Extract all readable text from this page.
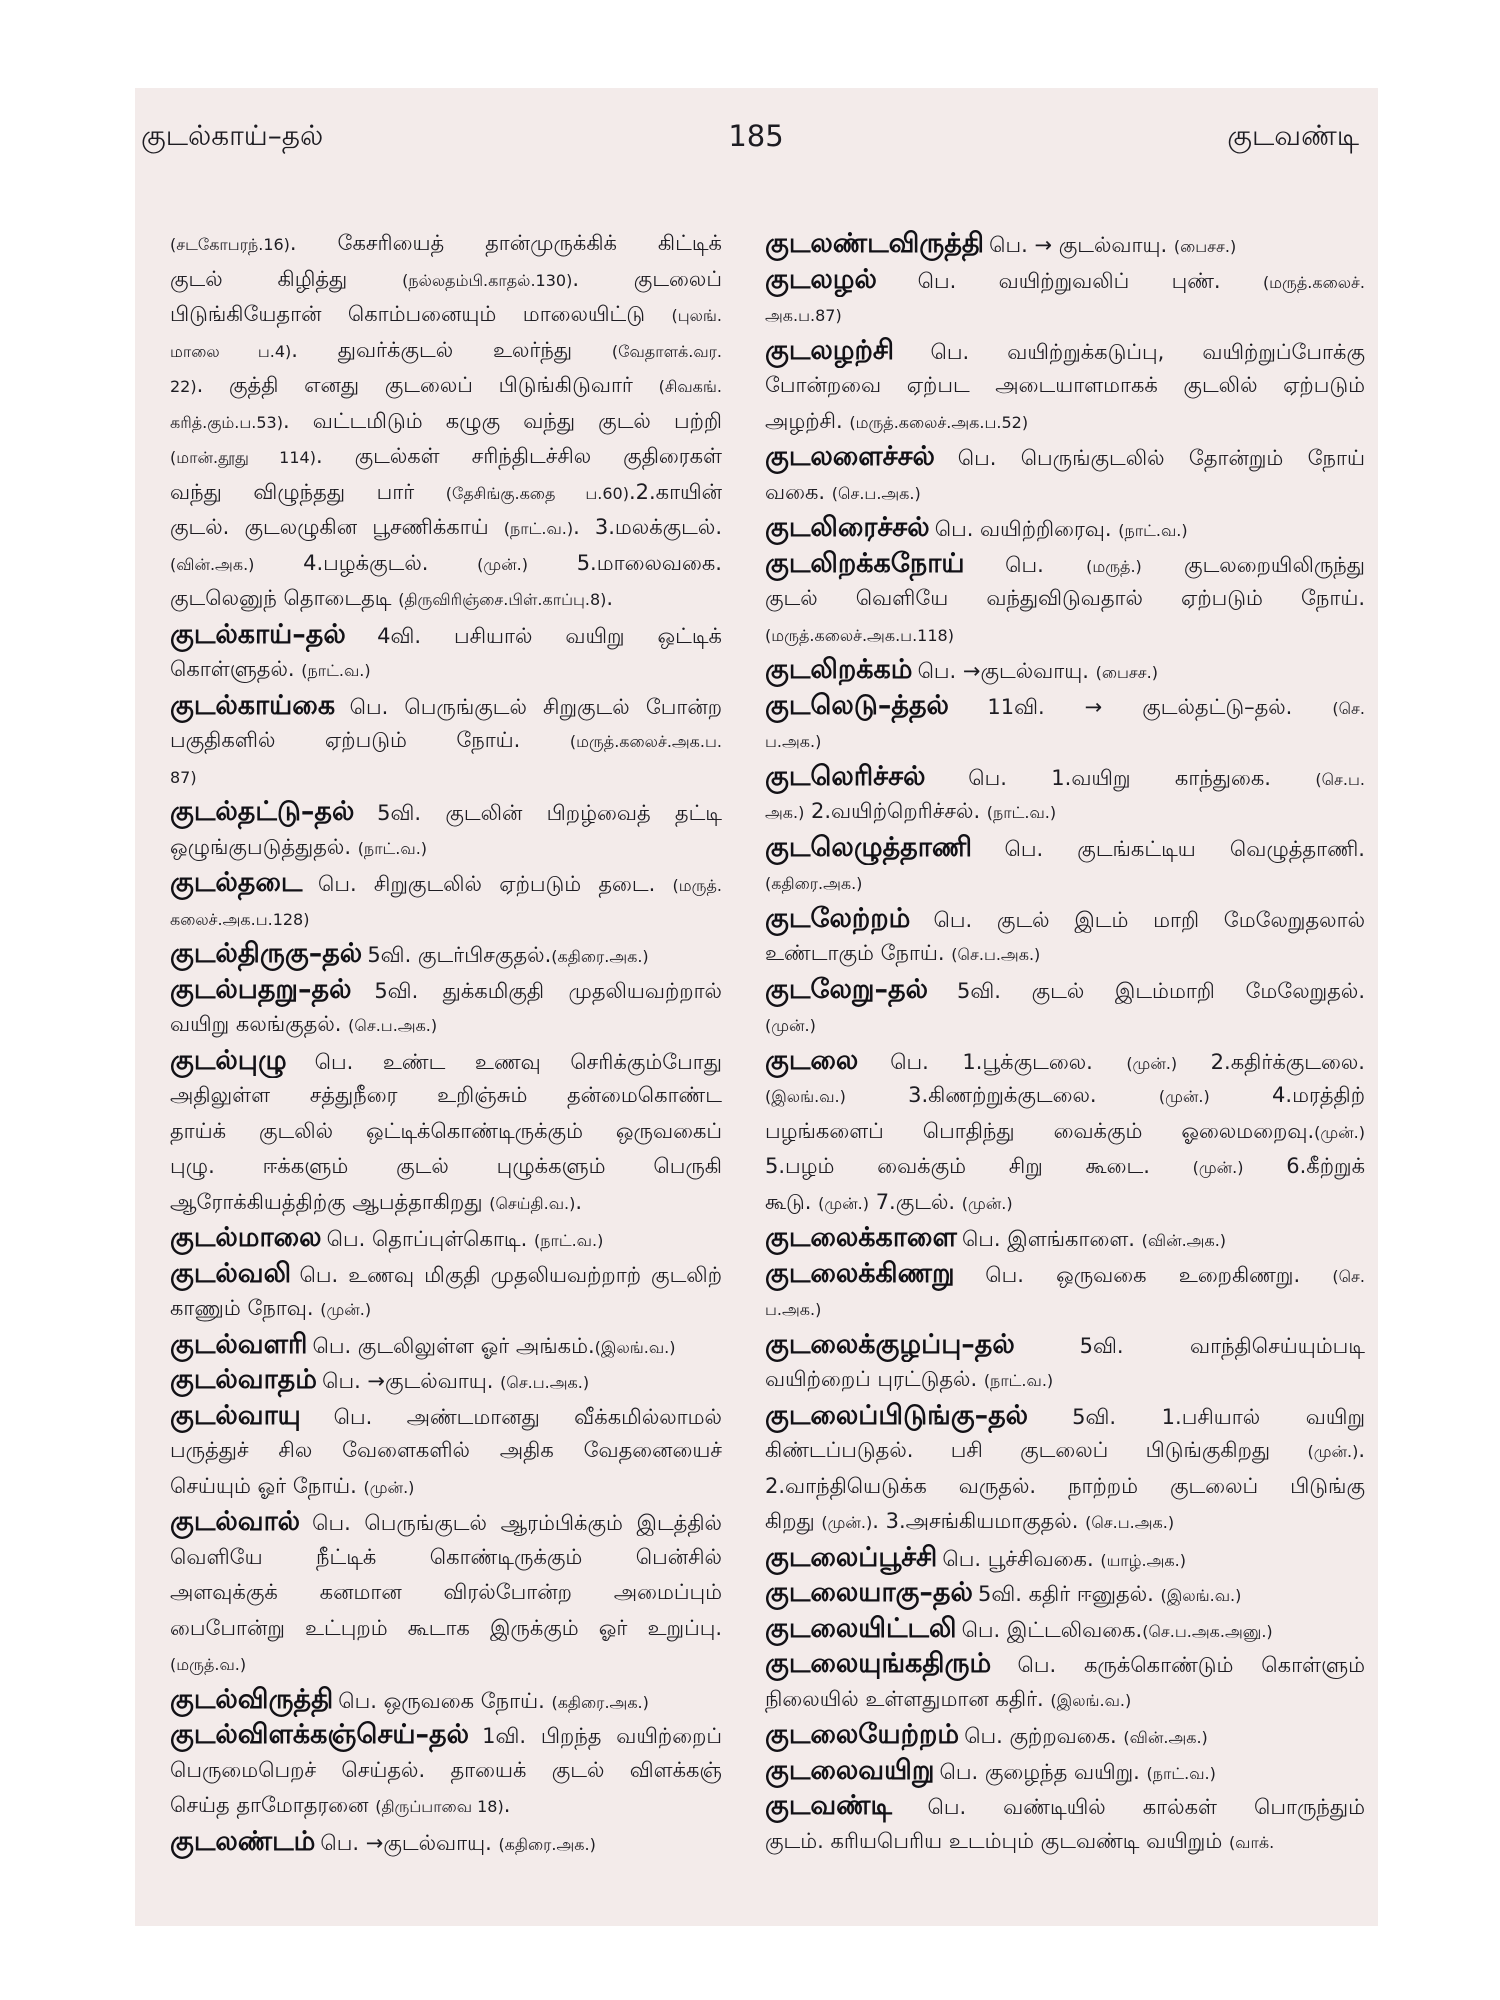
குடல்காய்–தல்	185	குடவண்டி
(சடகோபரந்.16). கேசரியைத் தான்முருக்கிக் கிட்டிக்
குடல் கிழித்து (நல்லதம்பி.காதல்.130). குடலைப்
பிடுங்கியேதான் கொம்பனையும் மாலையிட்டு (புலங்.
மாலை ப.4). துவர்க்குடல் உலர்ந்து (வேதாளக்.வர.
22). குத்தி எனது குடலைப் பிடுங்கிடுவார் (சிவகங்.
கரித்.கும்.ப.53). வட்டமிடும் கழுகு வந்து குடல் பற்றி
(மான்.தூது 114). குடல்கள் சரிந்திடச்சில குதிரைகள்
வந்து விழுந்தது பார் (தேசிங்கு.கதை ப.60).2.காயின்
குடல். குடலழுகின பூசணிக்காய் (நாட்.வ.). 3.மலக்குடல்.
(வின்.அக.) 4.பழக்குடல். (முன்.) 5.மாலைவகை.
குடலெனுந் தொடைதடி (திருவிரிஞ்சை.பிள்.காப்பு.8).
குடல்காய்–தல் 4வி. பசியால் வயிறு ஒட்டிக்
கொள்ளுதல். (நாட்.வ.)
குடல்காய்கை பெ. பெருங்குடல் சிறுகுடல் போன்ற
பகுதிகளில் ஏற்படும் நோய். (மருத்.கலைச்.அக.ப.
87)
குடல்தட்டு–தல் 5வி. குடலின் பிறழ்வைத் தட்டி
ஒழுங்குபடுத்துதல். (நாட்.வ.)
குடல்தடை பெ. சிறுகுடலில் ஏற்படும் தடை. (மருத்.
கலைச்.அக.ப.128)
குடல்திருகு–தல் 5வி. குடர்பிசகுதல்.(கதிரை.அக.)
குடல்பதறு–தல் 5வி. துக்கமிகுதி முதலியவற்றால்
வயிறு கலங்குதல். (செ.ப.அக.)
குடல்புழு பெ. உண்ட உணவு செரிக்கும்போது
அதிலுள்ள சத்துநீரை உறிஞ்சும் தன்மைகொண்ட
தாய்க் குடலில் ஒட்டிக்கொண்டிருக்கும் ஒருவகைப்
புழு. ஈக்களும் குடல் புழுக்களும் பெருகி
ஆரோக்கியத்திற்கு ஆபத்தாகிறது (செய்தி.வ.).
குடல்மாலை பெ. தொப்புள்கொடி. (நாட்.வ.)
குடல்வலி பெ. உணவு மிகுதி முதலியவற்றாற் குடலிற்
காணும் நோவு. (முன்.)
குடல்வளரி பெ. குடலிலுள்ள ஓர் அங்கம்.(இலங்.வ.)
குடல்வாதம் பெ. →குடல்வாயு. (செ.ப.அக.)
குடல்வாயு பெ. அண்டமானது வீக்கமில்லாமல்
பருத்துச் சில வேளைகளில் அதிக வேதனையைச்
செய்யும் ஓர் நோய். (முன்.)
குடல்வால் பெ. பெருங்குடல் ஆரம்பிக்கும் இடத்தில்
வெளியே நீட்டிக் கொண்டிருக்கும் பென்சில்
அளவுக்குக் கனமான விரல்போன்ற அமைப்பும்
பைபோன்று உட்புறம் கூடாக இருக்கும் ஓர் உறுப்பு.
(மருத்.வ.)
குடல்விருத்தி பெ. ஒருவகை நோய். (கதிரை.அக.)
குடல்விளக்கஞ்செய்–தல் 1வி. பிறந்த வயிற்றைப்
பெருமைபெறச் செய்தல். தாயைக் குடல் விளக்கஞ்
செய்த தாமோதரனை (திருப்பாவை 18).
குடலண்டம் பெ. →குடல்வாயு. (கதிரை.அக.)
குடலண்டவிருத்தி பெ. → குடல்வாயு. (பைசச.)
குடலழல் பெ. வயிற்றுவலிப் புண். (மருத்.கலைச்.
அக.ப.87)
குடலழற்சி பெ. வயிற்றுக்கடுப்பு, வயிற்றுப்போக்கு
போன்றவை ஏற்பட அடையாளமாகக் குடலில் ஏற்படும்
அழற்சி. (மருத்.கலைச்.அக.ப.52)
குடலளைச்சல் பெ. பெருங்குடலில் தோன்றும் நோய்
வகை. (செ.ப.அக.)
குடலிரைச்சல் பெ. வயிற்றிரைவு. (நாட்.வ.)
குடலிறக்கநோய் பெ. (மருத்.) குடலறையிலிருந்து
குடல் வெளியே வந்துவிடுவதால் ஏற்படும் நோய்.
(மருத்.கலைச்.அக.ப.118)
குடலிறக்கம் பெ. →குடல்வாயு. (பைசச.)
குடலெடு–த்தல் 11வி. → குடல்தட்டு–தல். (செ.
ப.அக.)
குடலெரிச்சல் பெ. 1.வயிறு காந்துகை. (செ.ப.
அக.) 2.வயிற்றெரிச்சல். (நாட்.வ.)
குடலெழுத்தாணி பெ. குடங்கட்டிய வெழுத்தாணி.
(கதிரை.அக.)
குடலேற்றம் பெ. குடல் இடம் மாறி மேலேறுதலால்
உண்டாகும் நோய். (செ.ப.அக.)
குடலேறு–தல் 5வி. குடல் இடம்மாறி மேலேறுதல்.
(முன்.)
குடலை பெ. 1.பூக்குடலை. (முன்.) 2.கதிர்க்குடலை.
(இலங்.வ.) 3.கிணற்றுக்குடலை. (முன்.) 4.மரத்திற்
பழங்களைப் பொதிந்து வைக்கும் ஓலைமறைவு.(முன்.)
5.பழம் வைக்கும் சிறு கூடை. (முன்.) 6.கீற்றுக்
கூடு. (முன்.) 7.குடல். (முன்.)
குடலைக்காளை பெ. இளங்காளை. (வின்.அக.)
குடலைக்கிணறு பெ. ஒருவகை உறைகிணறு. (செ.
ப.அக.)
குடலைக்குழப்பு–தல்	5வி. வாந்திசெய்யும்படி
வயிற்றைப் புரட்டுதல். (நாட்.வ.)
குடலைப்பிடுங்கு–தல் 5வி. 1.பசியால் வயிறு
கிண்டப்படுதல். பசி குடலைப் பிடுங்குகிறது (முன்.).
2.வாந்தியெடுக்க வருதல். நாற்றம் குடலைப் பிடுங்கு
கிறது (முன்.). 3.அசங்கியமாகுதல். (செ.ப.அக.)
குடலைப்பூச்சி பெ. பூச்சிவகை. (யாழ்.அக.)
குடலையாகு–தல் 5வி. கதிர் ஈனுதல். (இலங்.வ.)
குடலையிட்டலி பெ. இட்டலிவகை.(செ.ப.அக.அனு.)
குடலையுங்கதிரும் பெ. கருக்கொண்டும் கொள்ளும்
நிலையில் உள்ளதுமான கதிர். (இலங்.வ.)
குடலையேற்றம் பெ. குற்றவகை. (வின்.அக.)
குடலைவயிறு பெ. குழைந்த வயிறு. (நாட்.வ.)
குடவண்டி பெ. வண்டியில் கால்கள் பொருந்தும்
குடம். கரியபெரிய உடம்பும் குடவண்டி வயிறும் (வாக்.
